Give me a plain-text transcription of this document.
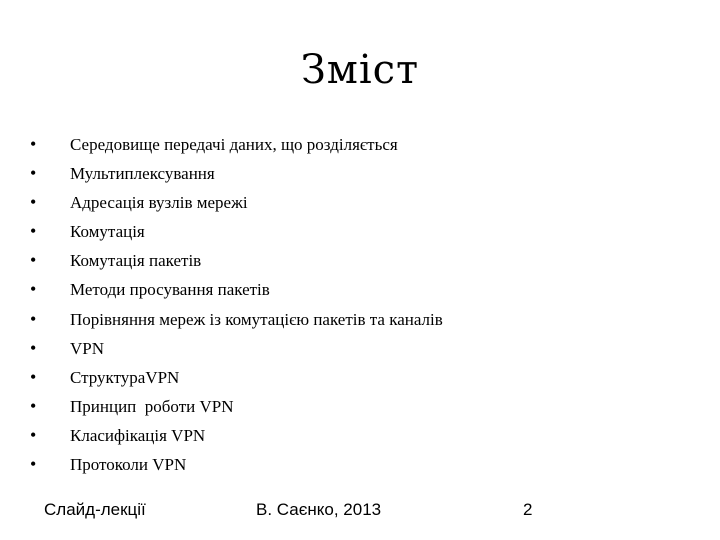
Зміст
• Середовище передачі даних, що розділяється
• Мультиплексування
• Адресація вузлів мережі
• Комутація
• Комутація пакетів
• Методи просування пакетів
• Порівняння мереж із комутацією пакетів та каналів
• VPN
• СтруктураVPN
• Принцип  роботи VPN
• Класифікація VPN
• Протоколи VPN
Слайд-лекції	В. Саєнко, 2013	2
